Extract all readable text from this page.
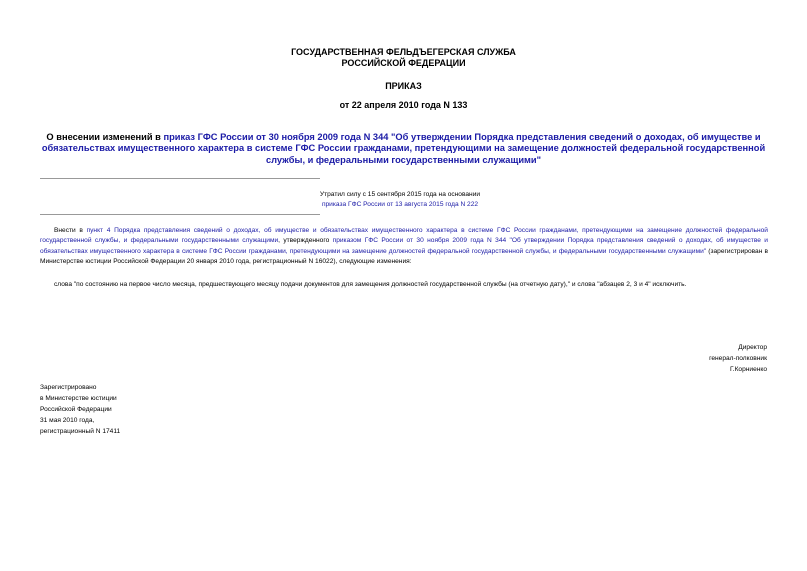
ГОСУДАРСТВЕННАЯ ФЕЛЬДЪЕГЕРСКАЯ СЛУЖБА
РОССИЙСКОЙ ФЕДЕРАЦИИ
ПРИКАЗ
от 22 апреля 2010 года N 133
О внесении изменений в приказ ГФС России от 30 ноября 2009 года N 344 "Об утверждении Порядка представления сведений о доходах, об имуществе и обязательствах имущественного характера в системе ГФС России гражданами, претендующими на замещение должностей федеральной государственной службы, и федеральными государственными служащими"
Утратил силу с 15 сентября 2015 года на основании
приказа ГФС России от 13 августа 2015 года N 222
Внести в пункт 4 Порядка представления сведений о доходах, об имуществе и обязательствах имущественного характера в системе ГФС России гражданами, претендующими на замещение должностей федеральной государственной службы, и федеральными государственными служащими, утвержденного приказом ГФС России от 30 ноября 2009 года N 344 "Об утверждении Порядка представления сведений о доходах, об имуществе и обязательствах имущественного характера в системе ГФС России гражданами, претендующими на замещение должностей федеральной государственной службы, и федеральными государственными служащими" (зарегистрирован в Министерстве юстиции Российской Федерации 20 января 2010 года, регистрационный N 16022), следующие изменения:
слова "по состоянию на первое число месяца, предшествующего месяцу подачи документов для замещения должностей государственной службы (на отчетную дату)," и слова "абзацев 2, 3 и 4" исключить.
Директор
генерал-полковник
Г.Корниенко
Зарегистрировано
в Министерстве юстиции
Российской Федерации
31 мая 2010 года,
регистрационный N 17411
